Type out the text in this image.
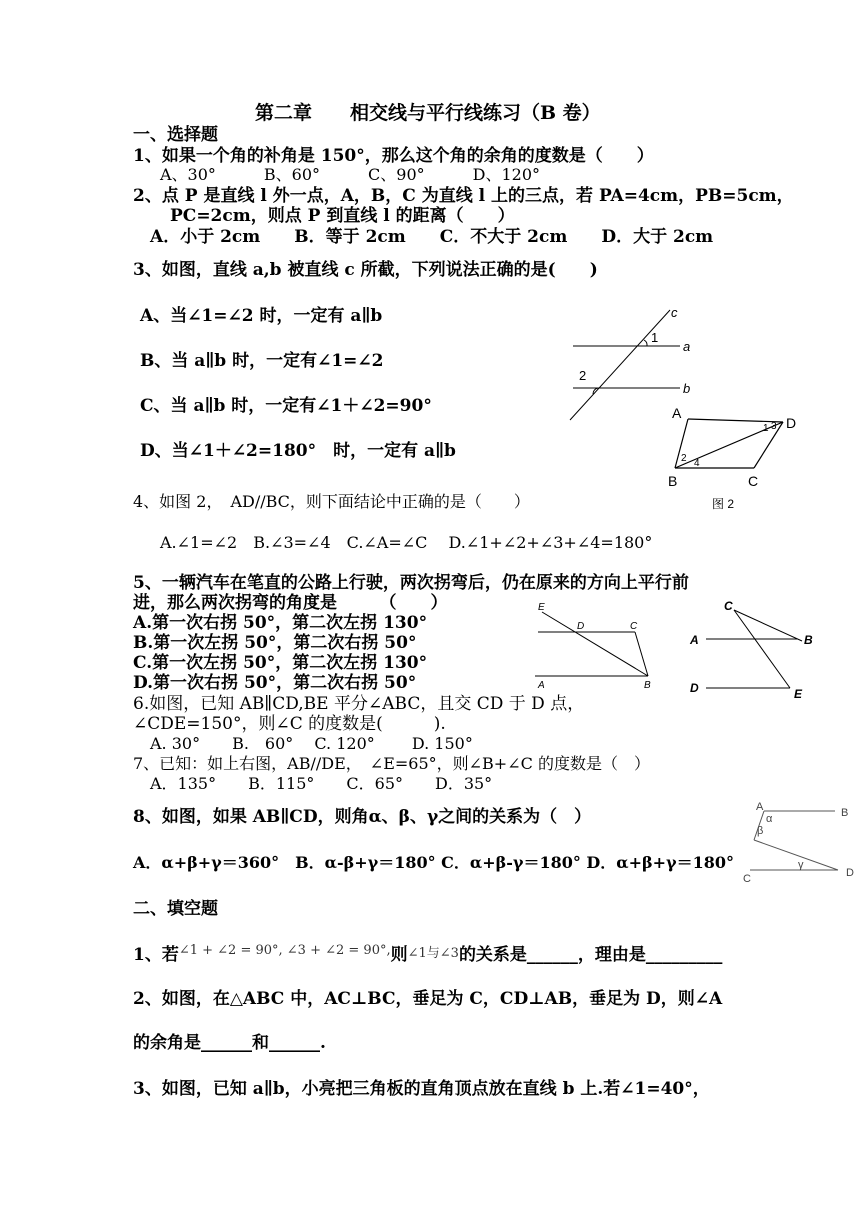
第二章　　相交线与平行线练习（B 卷）
一、选择题
1、如果一个角的补角是 150°，那么这个角的余角的度数是（　　）
A、30°　　　B、60°　　　C、90°　　　D、120°
2、点 P 是直线 l 外一点，A，B，C 为直线 l 上的三点，若 PA=4cm，PB=5cm，
PC=2cm，则点 P 到直线 l 的距离（　　）
A．小于 2cm　　B．等于 2cm　　C．不大于 2cm　　D．大于 2cm
3、如图，直线 a,b 被直线 c 所截，下列说法正确的是(　　)
A、当∠1=∠2 时，一定有 a∥b
B、当 a∥b 时，一定有∠1=∠2
C、当 a∥b 时，一定有∠1＋∠2=90°
D、当∠1＋∠2=180°　时，一定有 a∥b
c
a
b
1
2
A
D
B	C
1
2
3
4
图 2
4、如图 2，　AD//BC，则下面结论中正确的是（　　）
A.∠1=∠2　B.∠3=∠4　C.∠A=∠C　 D.∠1+∠2+∠3+∠4=180°
5、一辆汽车在笔直的公路上行驶，两次拐弯后，仍在原来的方向上平行前
进，那么两次拐弯的角度是　　　（　　）
A.第一次右拐 50°，第二次左拐 130°
B.第一次左拐 50°，第二次右拐 50°
C.第一次左拐 50°，第二次左拐 130°
D.第一次右拐 50°，第二次右拐 50°
E
D	C
A	B
C
A	B
D	E
6.如图，已知 AB∥CD,BE 平分∠ABC，且交 CD 于 D 点，
∠CDE=150°，则∠C 的度数是(　　　).
A. 30°　　B.　60°　 C. 120°　　 D. 150°
7、已知：如上右图，AB//DE，　∠E=65°，则∠B+∠C 的度数是（　）
A．135°　　B．115°　　C．65°　　D．35°
8、如图，如果 AB∥CD，则角α、β、γ之间的关系为（　）
A．α+β+γ＝360°　B．α-β+γ＝180° C．α+β-γ＝180° D．α+β+γ＝180°
A	B
C	D
α
β
γ
二、填空题
1、若$^{\angle 1 + \angle 2 = 90^\circ, \angle 3 + \angle 2 = 90^\circ,}$则∠1与∠3的关系是______，理由是_________
2、如图，在△ABC 中，AC⊥BC，垂足为 C，CD⊥AB，垂足为 D，则∠A
的余角是______和______.
3、如图，已知 a∥b，小亮把三角板的直角顶点放在直线 b 上.若∠1=40°，
